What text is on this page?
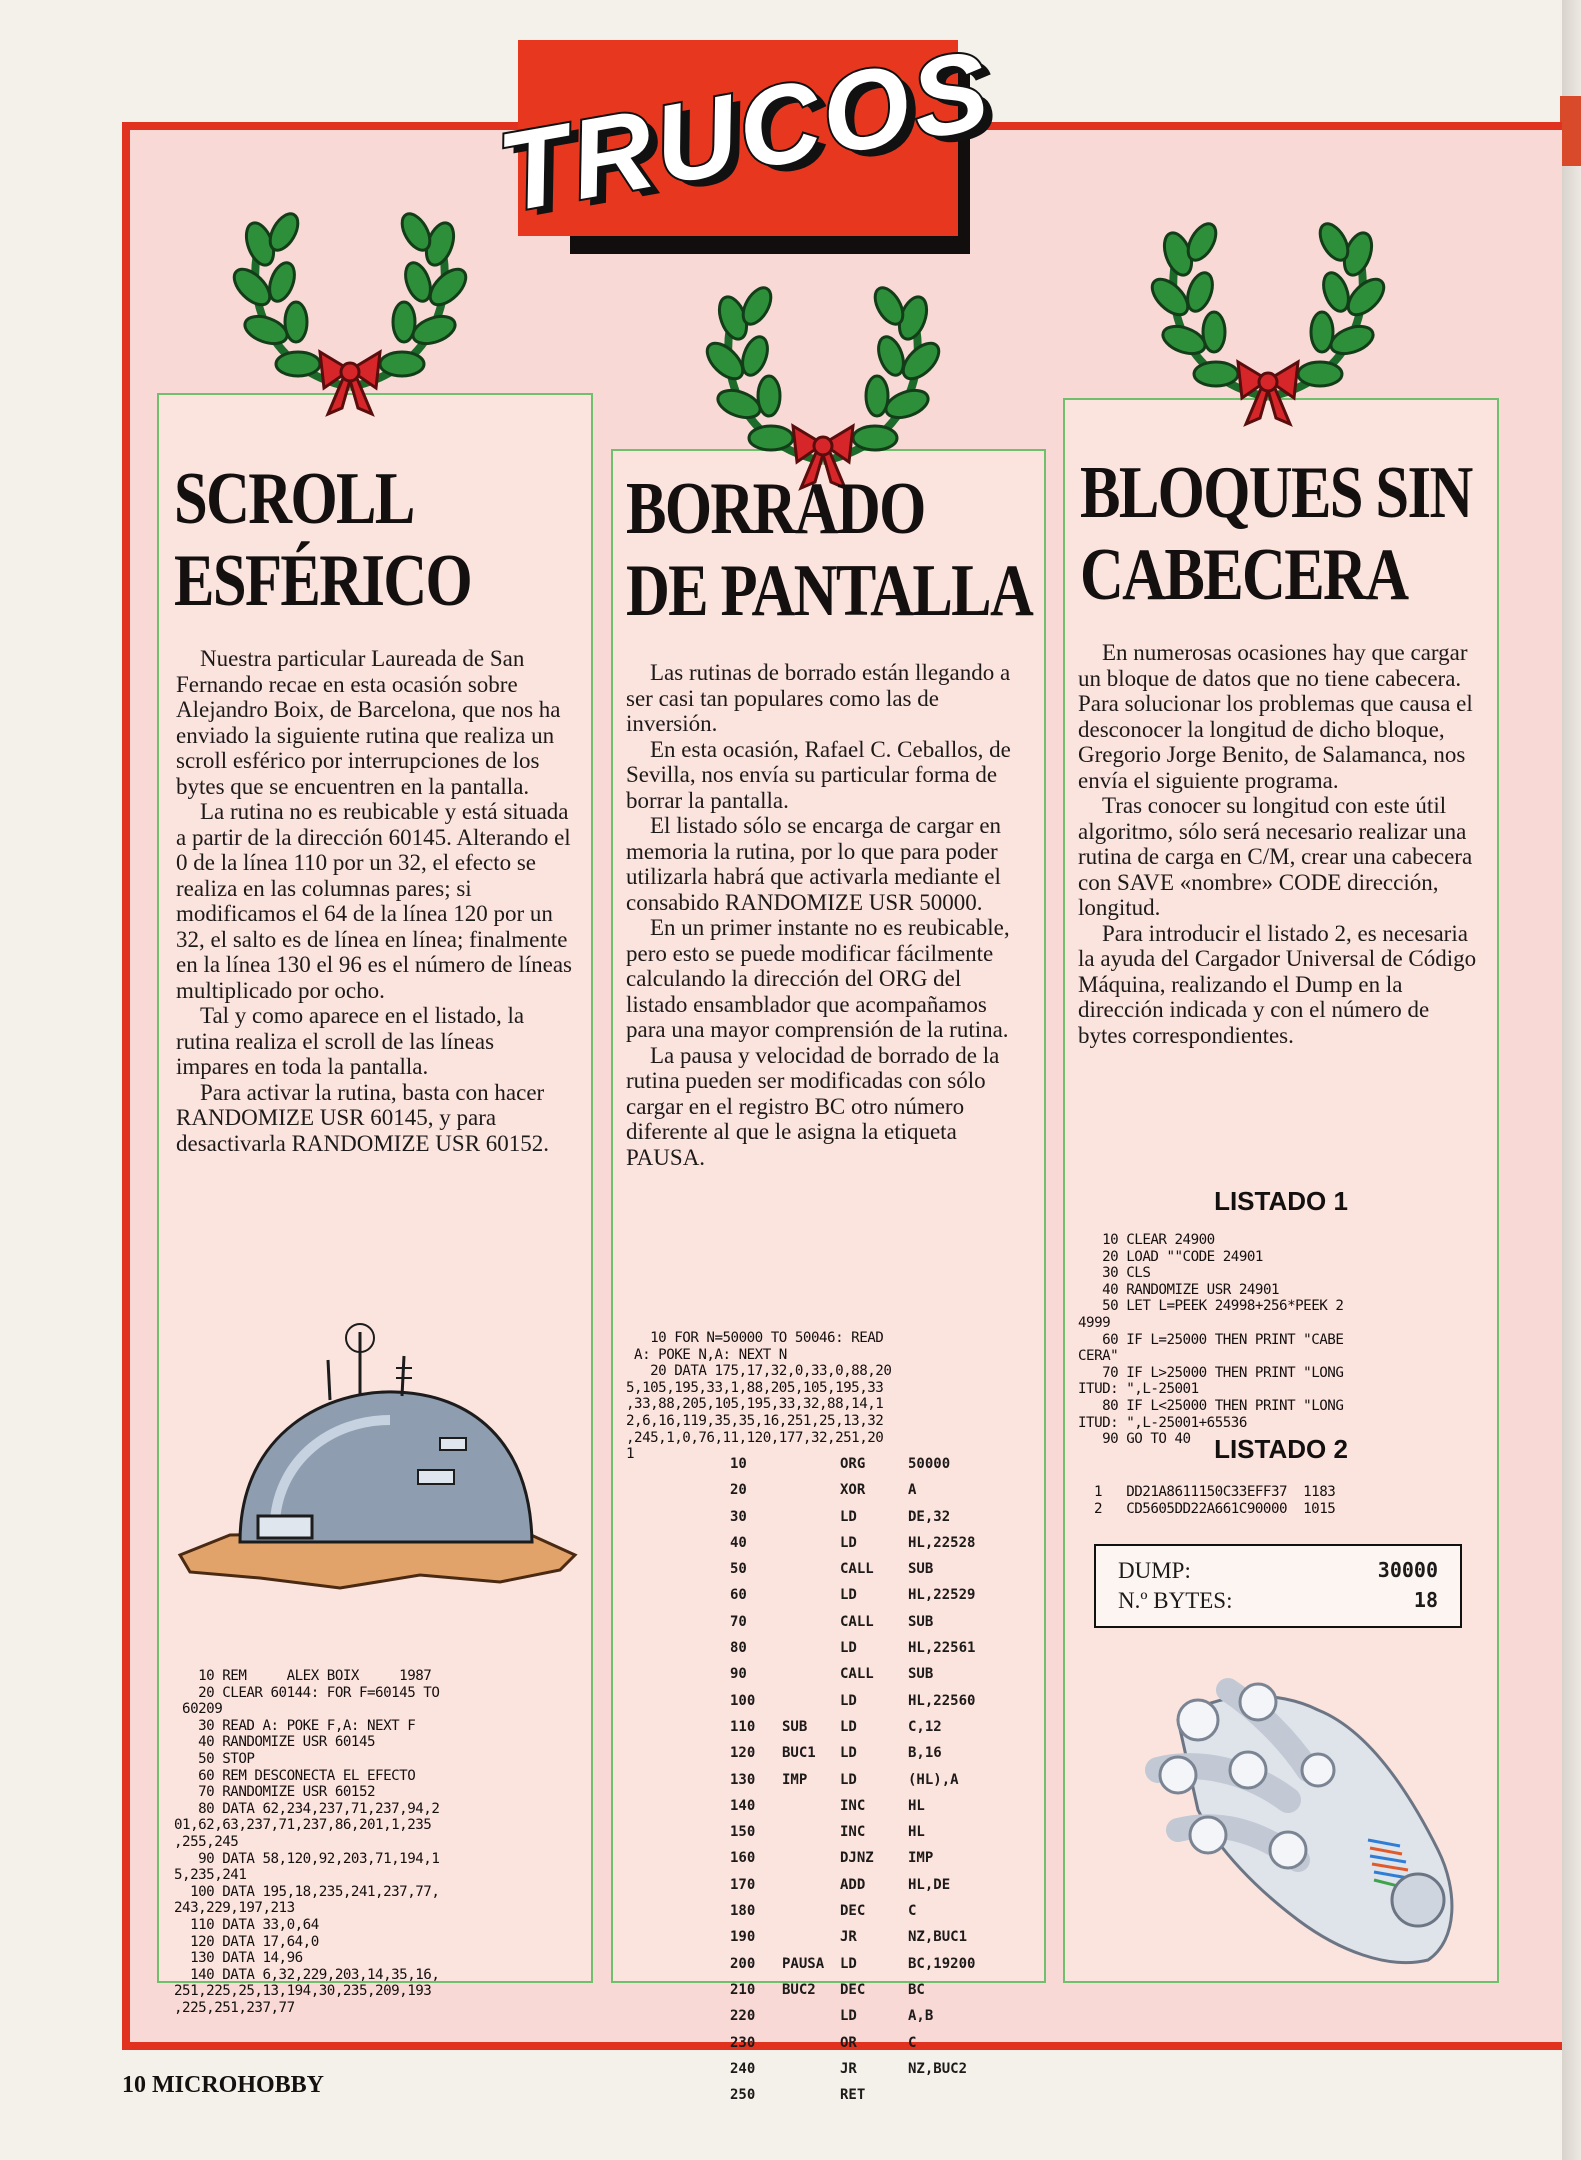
TRUCOS
SCROLL
ESFÉRICO

Nuestra particular Laureada de San Fernando recae en esta ocasión sobre Alejandro Boix, de Barcelona, que nos ha enviado la siguiente rutina que realiza un scroll esférico por interrupciones de los bytes que se encuentren en la pantalla.

La rutina no es reubicable y está situada a partir de la dirección 60145. Alterando el 0 de la línea 110 por un 32, el efecto se realiza en las columnas pares; si modificamos el 64 de la línea 120 por un 32, el salto es de línea en línea; finalmente en la línea 130 el 96 es el número de líneas multiplicado por ocho.

Tal y como aparece en el listado, la rutina realiza el scroll de las líneas impares en toda la pantalla.

Para activar la rutina, basta con hacer RANDOMIZE USR 60145, y para desactivarla RANDOMIZE USR 60152.

10 REM     ALEX BOIX     1987
20 CLEAR 60144: FOR F=60145 TO
60209
30 READ A: POKE F,A: NEXT F
40 RANDOMIZE USR 60145
50 STOP
60 REM DESCONECTA EL EFECTO
70 RANDOMIZE USR 60152
80 DATA 62,234,237,71,237,94,2
01,62,63,237,71,237,86,201,1,235
,255,245
90 DATA 58,120,92,203,71,194,1
5,235,241
100 DATA 195,18,235,241,237,77,
243,229,197,213
110 DATA 33,0,64
120 DATA 17,64,0
130 DATA 14,96
140 DATA 6,32,229,203,14,35,16,
251,225,25,13,194,30,235,209,193
,225,251,237,77
BORRADO
DE PANTALLA

Las rutinas de borrado están llegando a ser casi tan populares como las de inversión.

En esta ocasión, Rafael C. Ceballos, de Sevilla, nos envía su particular forma de borrar la pantalla.

El listado sólo se encarga de cargar en memoria la rutina, por lo que para poder utilizarla habrá que activarla mediante el consabido RANDOMIZE USR 50000.

En un primer instante no es reubicable, pero esto se puede modificar fácilmente calculando la dirección del ORG del listado ensamblador que acompañamos para una mayor comprensión de la rutina.

La pausa y velocidad de borrado de la rutina pueden ser modificadas con sólo cargar en el registro BC otro número diferente al que le asigna la etiqueta PAUSA.

10 FOR N=50000 TO 50046: READ
A: POKE N,A: NEXT N
20 DATA 175,17,32,0,33,0,88,20
5,105,195,33,1,88,205,105,195,33
,33,88,205,105,195,33,32,88,14,1
2,6,16,119,35,35,16,251,25,13,32
,245,1,0,76,11,120,177,32,251,20
1
10	ORG	50000
20	XOR	A
30	LD	DE,32
40	LD	HL,22528
50	CALL SUB
60	LD	HL,22529
70	CALL SUB
80	LD	HL,22561
90	CALL SUB
100	LD	HL,22560
110 SUB LD	C,12
120 BUC1 LD	B,16
130 IMP LD	(HL),A
140	INC	HL
150	INC	HL
160	DJNZ IMP
170	ADD	HL,DE
180	DEC	C
190	JR	NZ,BUC1
200 PAUSA LD	BC,19200
210 BUC2 DEC	BC
220	LD	A,B
230	OR	C
240	JR	NZ,BUC2
250	RET
BLOQUES SIN
CABECERA

En numerosas ocasiones hay que cargar un bloque de datos que no tiene cabecera. Para solucionar los problemas que causa el desconocer la longitud de dicho bloque, Gregorio Jorge Benito, de Salamanca, nos envía el siguiente programa.

Tras conocer su longitud con este útil algoritmo, sólo será necesario realizar una rutina de carga en C/M, crear una cabecera con SAVE «nombre» CODE dirección, longitud.

Para introducir el listado 2, es necesaria la ayuda del Cargador Universal de Código Máquina, realizando el Dump en la dirección indicada y con el número de bytes correspondientes.

LISTADO 1
10 CLEAR 24900
20 LOAD ""CODE 24901
30 CLS
40 RANDOMIZE USR 24901
50 LET L=PEEK 24998+256*PEEK 2
4999
60 IF L=25000 THEN PRINT "CABE
CERA"
70 IF L>25000 THEN PRINT "LONG
ITUD: ",L-25001
80 IF L<25000 THEN PRINT "LONG
ITUD: ",L-25001+65536
90 GO TO 40 LISTADO 2
1   DD21A8611150C33EFF37  1183
2   CD5605DD22A661C90000  1015
DUMP:	30000
N.º BYTES:	18
10 MICROHOBBY
